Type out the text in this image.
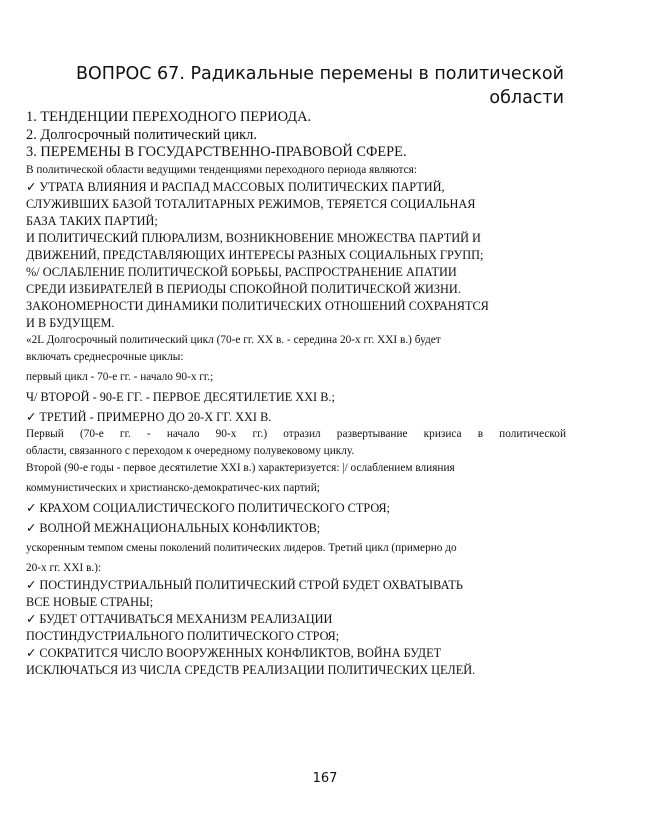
ВОПРОС 67. Радикальные перемены в политической
области

1. ТЕНДЕНЦИИ ПЕРЕХОДНОГО ПЕРИОДА.

2. Долгосрочный политический цикл.

3. ПЕРЕМЕНЫ В ГОСУДАРСТВЕННО-ПРАВОВОЙ СФЕРЕ.

В политической области ведущими тенденциями переходного периода являются:

✓ УТРАТА ВЛИЯНИЯ И РАСПАД МАССОВЫХ ПОЛИТИЧЕСКИХ ПАРТИЙ,

СЛУЖИВШИХ БАЗОЙ ТОТАЛИТАРНЫХ РЕЖИМОВ, ТЕРЯЕТСЯ СОЦИАЛЬНАЯ

БАЗА ТАКИХ ПАРТИЙ;

И ПОЛИТИЧЕСКИЙ ПЛЮРАЛИЗМ, ВОЗНИКНОВЕНИЕ МНОЖЕСТВА ПАРТИЙ И

ДВИЖЕНИЙ, ПРЕДСТАВЛЯЮЩИХ ИНТЕРЕСЫ РАЗНЫХ СОЦИАЛЬНЫХ ГРУПП;

%/ ОСЛАБЛЕНИЕ ПОЛИТИЧЕСКОЙ БОРЬБЫ, РАСПРОСТРАНЕНИЕ АПАТИИ

СРЕДИ ИЗБИРАТЕЛЕЙ В ПЕРИОДЫ СПОКОЙНОЙ ПОЛИТИЧЕСКОЙ ЖИЗНИ.

ЗАКОНОМЕРНОСТИ ДИНАМИКИ ПОЛИТИЧЕСКИХ ОТНОШЕНИЙ СОХРАНЯТСЯ

И В БУДУЩЕМ.

«2L Долгосрочный политический цикл (70-е гг. XX в. - середина 20-х гг. XXI в.) будет

включать среднесрочные циклы:

первый цикл - 70-е гг. - начало 90-х гг.;

Ч/ ВТОРОЙ - 90-Е ГГ. - ПЕРВОЕ ДЕСЯТИЛЕТИЕ XXI В.;

✓ ТРЕТИЙ - ПРИМЕРНО ДО 20-Х ГГ. XXI В.

Первый (70-е гг. - начало 90-х гг.) отразил развертывание кризиса в политической

области, связанного с переходом к очередному полувековому циклу.

Второй (90-е годы - первое десятилетие XXI в.) характеризуется: |/ ослаблением влияния

коммунистических и христианско-демократичес-ких партий;

✓ КРАХОМ СОЦИАЛИСТИЧЕСКОГО ПОЛИТИЧЕСКОГО СТРОЯ;

✓ ВОЛНОЙ МЕЖНАЦИОНАЛЬНЫХ КОНФЛИКТОВ;

ускоренным темпом смены поколений политических лидеров. Третий цикл (примерно до

20-х гг. XXI в.):

✓ ПОСТИНДУСТРИАЛЬНЫЙ ПОЛИТИЧЕСКИЙ СТРОЙ БУДЕТ ОХВАТЫВАТЬ

ВСЕ НОВЫЕ СТРАНЫ;

✓ БУДЕТ ОТТАЧИВАТЬСЯ МЕХАНИЗМ РЕАЛИЗАЦИИ

ПОСТИНДУСТРИАЛЬНОГО ПОЛИТИЧЕСКОГО СТРОЯ;

✓ СОКРАТИТСЯ ЧИСЛО ВООРУЖЕННЫХ КОНФЛИКТОВ, ВОЙНА БУДЕТ

ИСКЛЮЧАТЬСЯ ИЗ ЧИСЛА СРЕДСТВ РЕАЛИЗАЦИИ ПОЛИТИЧЕСКИХ ЦЕЛЕЙ.

167
